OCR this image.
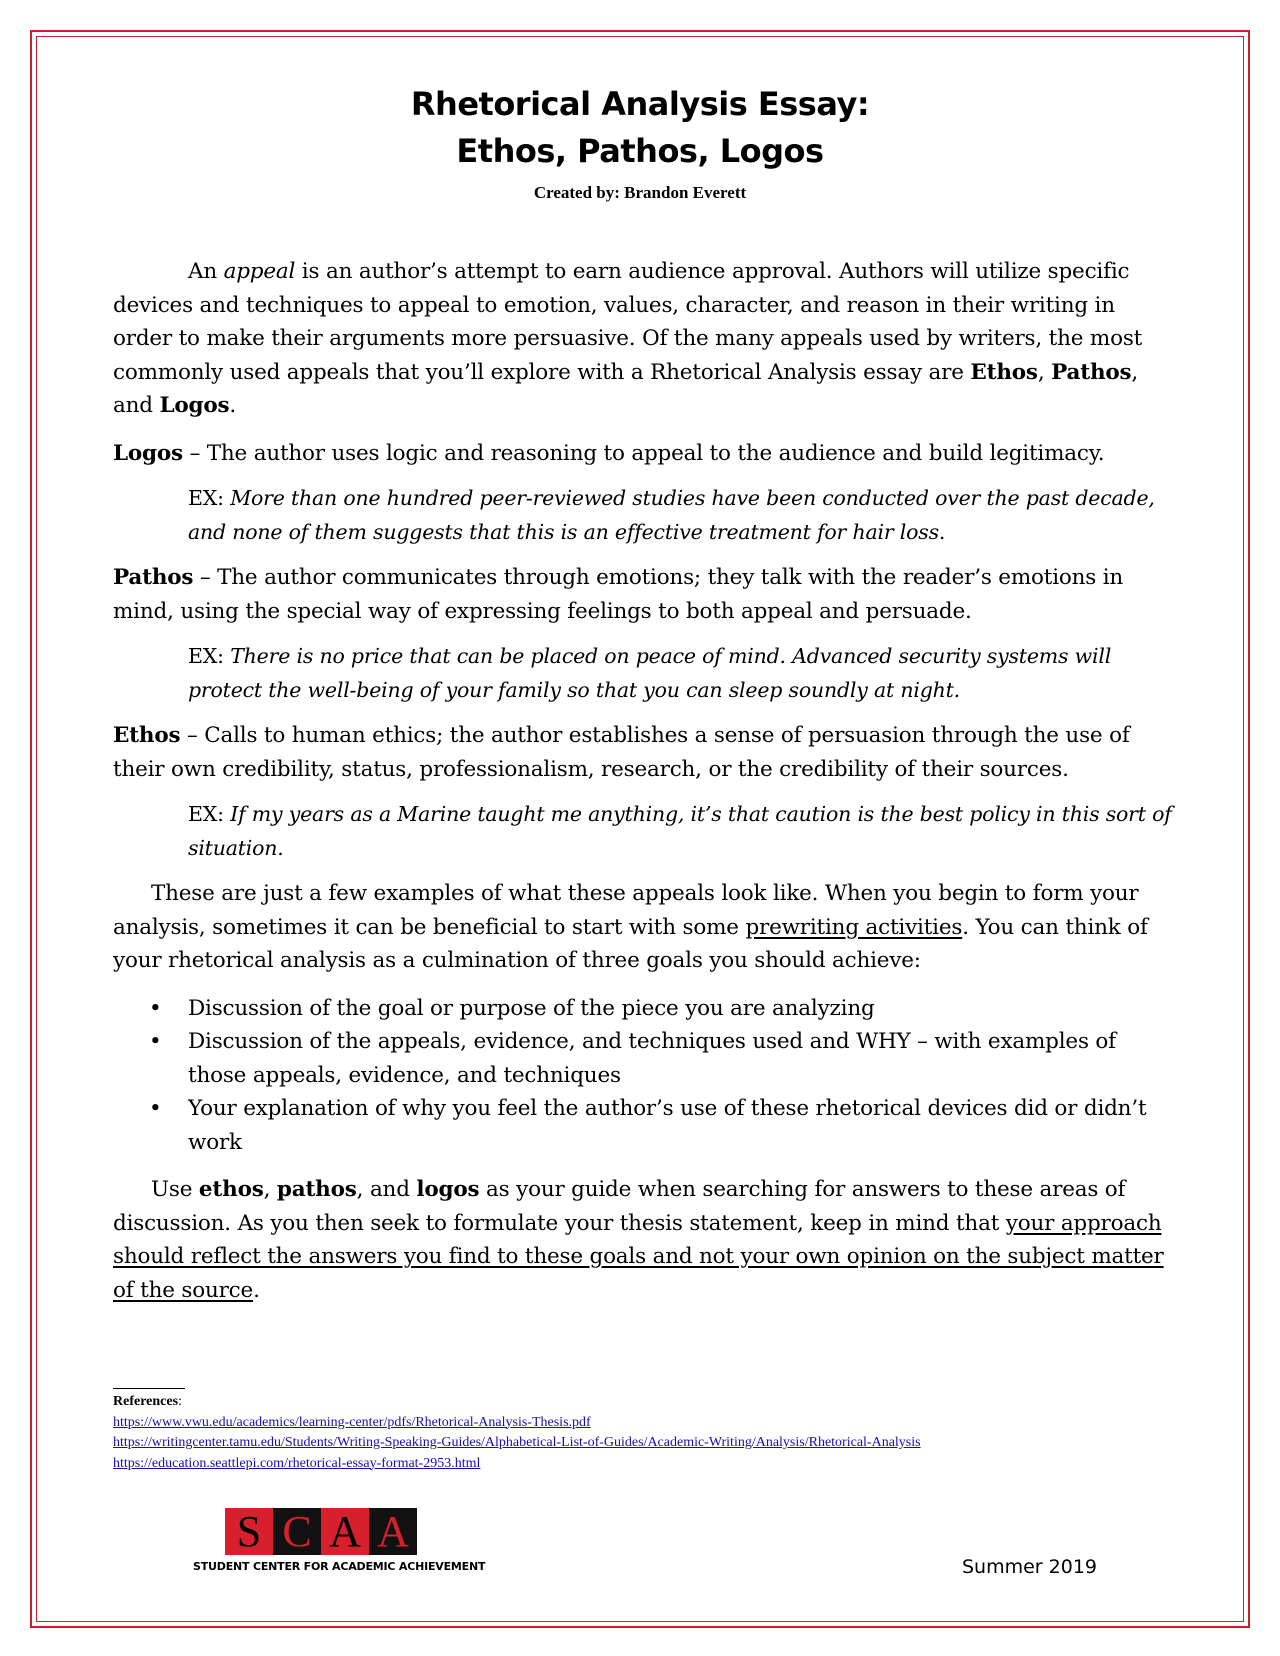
Rhetorical Analysis Essay:
Ethos, Pathos, Logos
Created by: Brandon Everett

An appeal is an author’s attempt to earn audience approval. Authors will utilize specific devices and techniques to appeal to emotion, values, character, and reason in their writing in order to make their arguments more persuasive. Of the many appeals used by writers, the most commonly used appeals that you’ll explore with a Rhetorical Analysis essay are Ethos, Pathos, and Logos.

Logos – The author uses logic and reasoning to appeal to the audience and build legitimacy.

EX: More than one hundred peer-reviewed studies have been conducted over the past decade, and none of them suggests that this is an effective treatment for hair loss.

Pathos – The author communicates through emotions; they talk with the reader’s emotions in mind, using the special way of expressing feelings to both appeal and persuade.

EX: There is no price that can be placed on peace of mind. Advanced security systems will protect the well-being of your family so that you can sleep soundly at night.

Ethos – Calls to human ethics; the author establishes a sense of persuasion through the use of their own credibility, status, professionalism, research, or the credibility of their sources.

EX: If my years as a Marine taught me anything, it’s that caution is the best policy in this sort of situation.

These are just a few examples of what these appeals look like. When you begin to form your analysis, sometimes it can be beneficial to start with some prewriting activities. You can think of your rhetorical analysis as a culmination of three goals you should achieve:

• Discussion of the goal or purpose of the piece you are analyzing
• Discussion of the appeals, evidence, and techniques used and WHY – with examples of those appeals, evidence, and techniques
• Your explanation of why you feel the author’s use of these rhetorical devices did or didn’t work

Use ethos, pathos, and logos as your guide when searching for answers to these areas of discussion. As you then seek to formulate your thesis statement, keep in mind that your approach should reflect the answers you find to these goals and not your own opinion on the subject matter of the source.

References:
https://www.vwu.edu/academics/learning-center/pdfs/Rhetorical-Analysis-Thesis.pdf
https://writingcenter.tamu.edu/Students/Writing-Speaking-Guides/Alphabetical-List-of-Guides/Academic-Writing/Analysis/Rhetorical-Analysis
https://education.seattlepi.com/rhetorical-essay-format-2953.html
S C A A
STUDENT CENTER FOR ACADEMIC ACHIEVEMENT	Summer 2019
